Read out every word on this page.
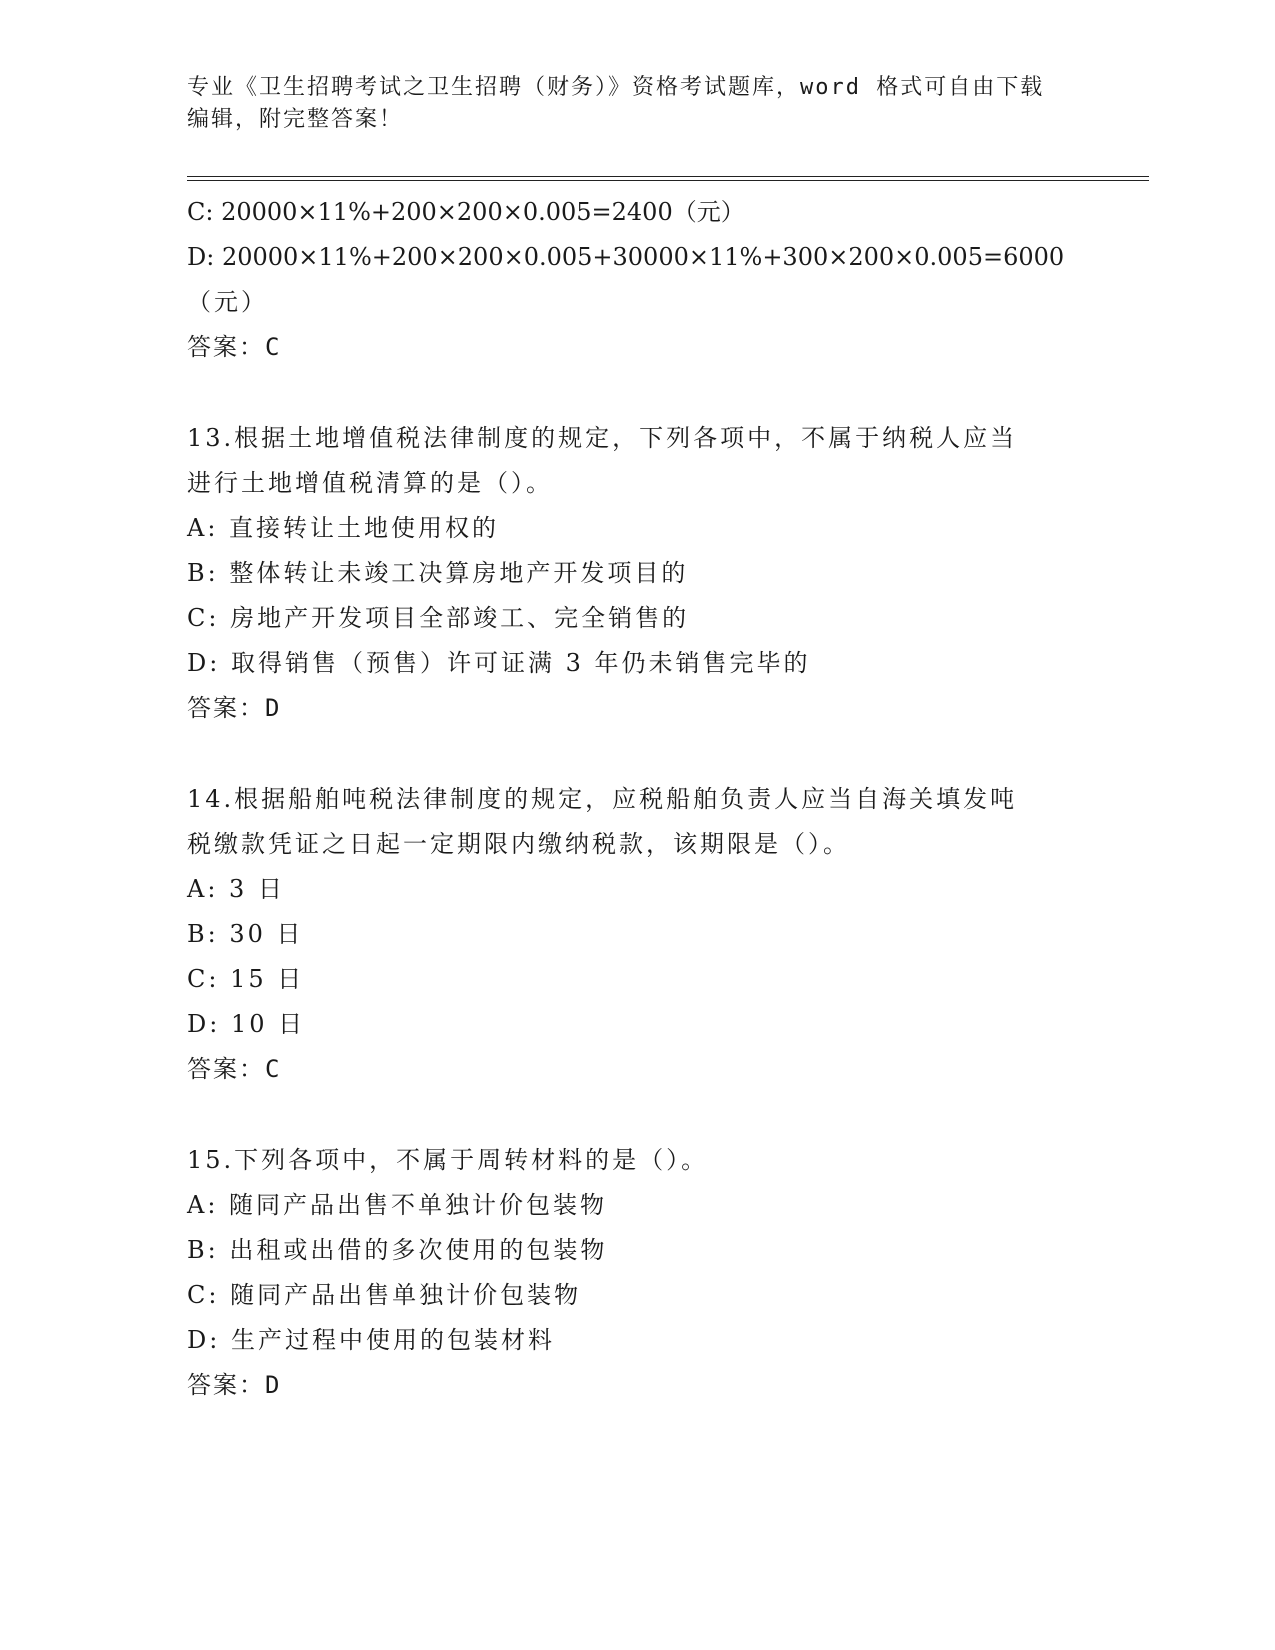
专业《卫生招聘考试之卫生招聘（财务）》资格考试题库，word 格式可自由下载
编辑，附完整答案！
C: 20000×11%+200×200×0.005=2400（元）
D: 20000×11%+200×200×0.005+30000×11%+300×200×0.005=6000
（元）
答案：C
13.根据土地增值税法律制度的规定，下列各项中，不属于纳税人应当
进行土地增值税清算的是（）。
A: 直接转让土地使用权的
B: 整体转让未竣工决算房地产开发项目的
C: 房地产开发项目全部竣工、完全销售的
D: 取得销售（预售）许可证满 3 年仍未销售完毕的
答案：D
14.根据船舶吨税法律制度的规定，应税船舶负责人应当自海关填发吨
税缴款凭证之日起一定期限内缴纳税款，该期限是（）。
A: 3 日
B: 30 日
C: 15 日
D: 10 日
答案：C
15.下列各项中，不属于周转材料的是（）。
A: 随同产品出售不单独计价包装物
B: 出租或出借的多次使用的包装物
C: 随同产品出售单独计价包装物
D: 生产过程中使用的包装材料
答案：D
